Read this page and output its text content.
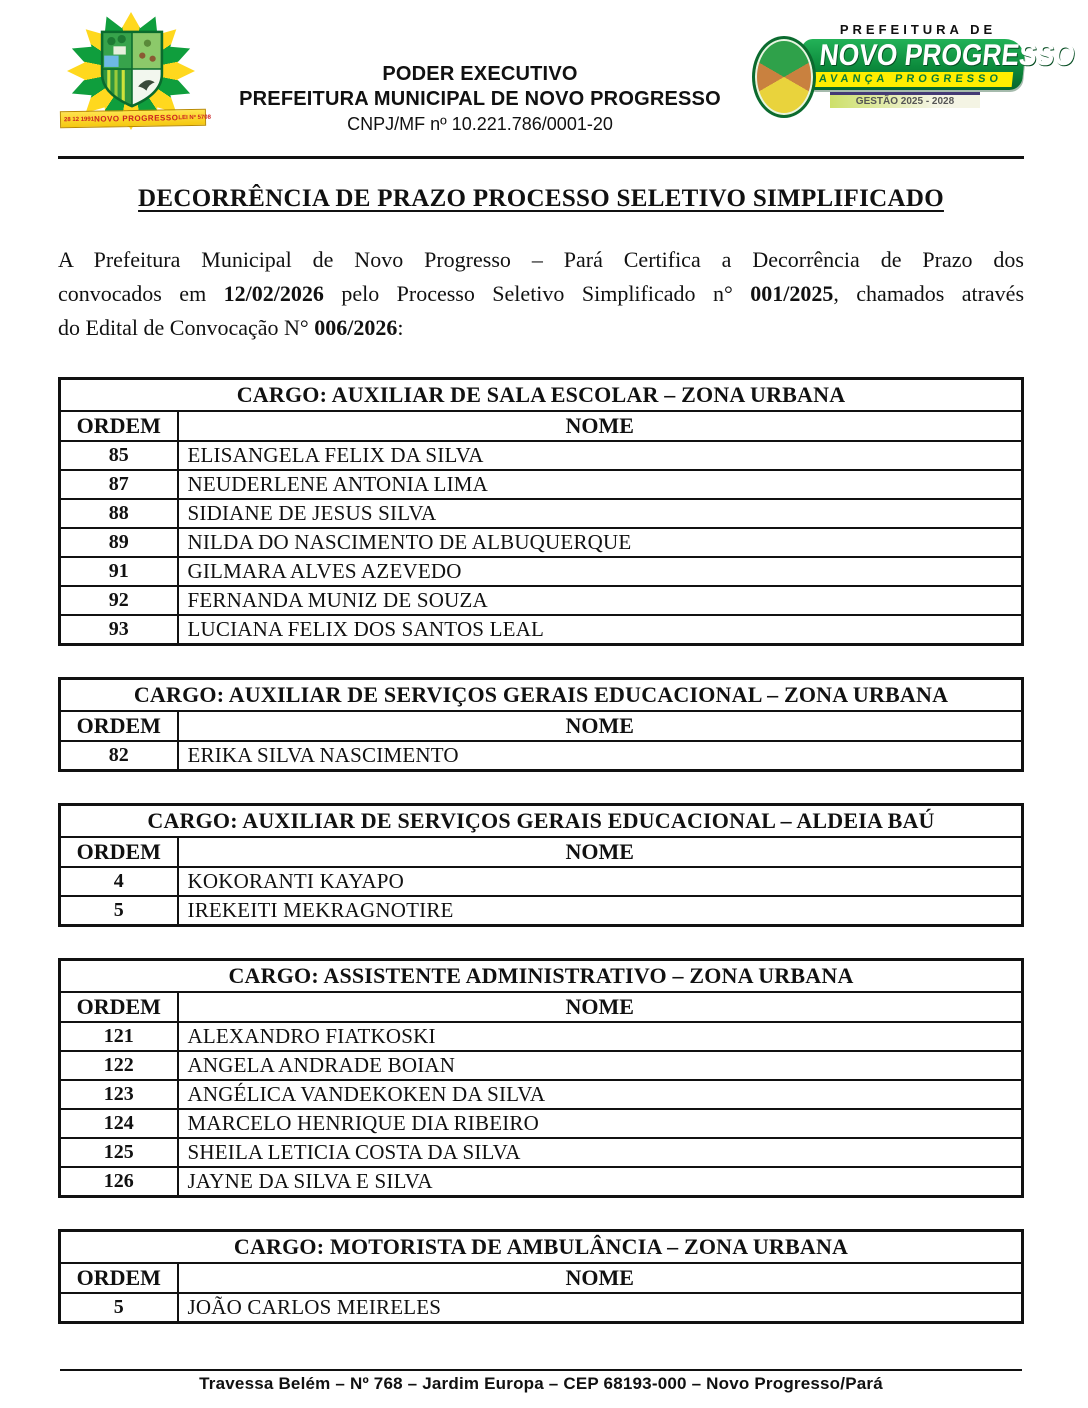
28 12 1991 NOVO PROGRESSO LEI Nº 5708
PODER EXECUTIVO
PREFEITURA MUNICIPAL DE NOVO PROGRESSO
CNPJ/MF nº 10.221.786/0001-20
PREFEITURA DE
NOVO PROGRESSO
AVANÇA PROGRESSO
GESTÃO 2025 - 2028
DECORRÊNCIA DE PRAZO PROCESSO SELETIVO SIMPLIFICADO
A Prefeitura Municipal de Novo Progresso – Pará Certifica a Decorrência de Prazo dos
convocados em 12/02/2026 pelo Processo Seletivo Simplificado n° 001/2025, chamados através
do Edital de Convocação N° 006/2026:
CARGO: AUXILIAR DE SALA ESCOLAR – ZONA URBANA	
ORDEM	NOME
85	ELISANGELA FELIX DA SILVA
87	NEUDERLENE ANTONIA LIMA
88	SIDIANE DE JESUS SILVA
89	NILDA DO NASCIMENTO DE ALBUQUERQUE
91	GILMARA ALVES AZEVEDO
92	FERNANDA MUNIZ DE SOUZA
93	LUCIANA FELIX DOS SANTOS LEAL
CARGO: AUXILIAR DE SERVIÇOS GERAIS EDUCACIONAL – ZONA URBANA	
ORDEM	NOME
82	ERIKA SILVA NASCIMENTO
CARGO: AUXILIAR DE SERVIÇOS GERAIS EDUCACIONAL – ALDEIA BAÚ	
ORDEM	NOME
4	KOKORANTI KAYAPO
5	IREKEITI MEKRAGNOTIRE
CARGO: ASSISTENTE ADMINISTRATIVO – ZONA URBANA	
ORDEM	NOME
121	ALEXANDRO FIATKOSKI
122	ANGELA ANDRADE BOIAN
123	ANGÉLICA VANDEKOKEN DA SILVA
124	MARCELO HENRIQUE DIA RIBEIRO
125	SHEILA LETICIA COSTA DA SILVA
126	JAYNE DA SILVA E SILVA
CARGO: MOTORISTA DE AMBULÂNCIA – ZONA URBANA	
ORDEM	NOME
5	JOÃO CARLOS MEIRELES
Travessa Belém – Nº 768 – Jardim Europa – CEP 68193-000 – Novo Progresso/Pará
